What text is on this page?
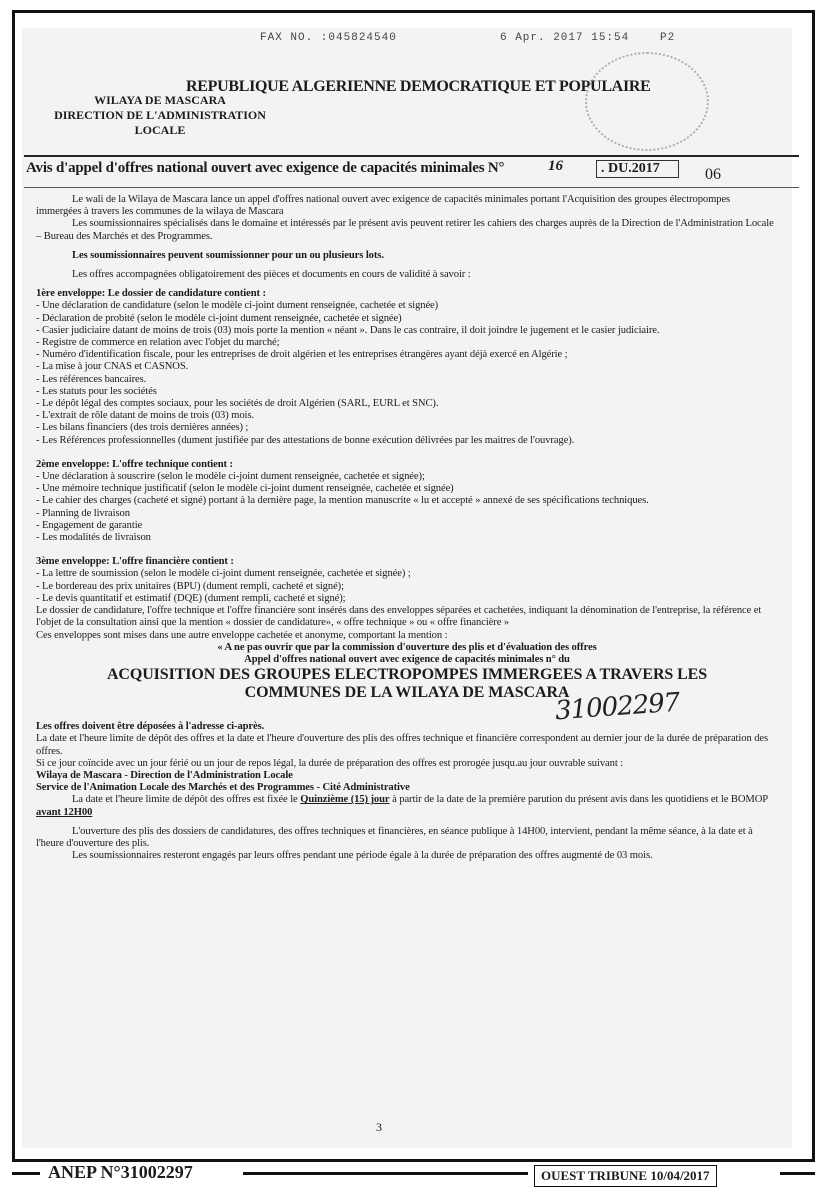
FAX NO. :045824540	6 Apr. 2017 15:54	P2
REPUBLIQUE ALGERIENNE DEMOCRATIQUE ET POPULAIRE
WILAYA DE MASCARA
DIRECTION DE L'ADMINISTRATION
LOCALE
Avis d'appel d'offres national ouvert avec exigence de capacités minimales N°	16	. DU.2017	06

Le wali de la Wilaya de Mascara lance un appel d'offres national ouvert avec exigence de capacités minimales portant l'Acquisition des groupes électropompes immergées à travers les communes de la wilaya de Mascara

Les soumissionnaires spécialisés dans le domaine et intéressés par le présent avis peuvent retirer les cahiers des charges auprès de la Direction de l'Administration Locale – Bureau des Marchés et des Programmes.

Les soumissionnaires peuvent soumissionner pour un ou plusieurs lots.

Les offres accompagnées obligatoirement des pièces et documents en cours de validité à savoir :

1ère enveloppe: Le dossier de candidature contient :

- Une déclaration de candidature (selon le modèle ci-joint dument renseignée, cachetée et signée)

- Déclaration de probité (selon le modèle ci-joint dument renseignée, cachetée et signée)

- Casier judiciaire datant de moins de trois (03) mois porte la mention « néant ». Dans le cas contraire, il doit joindre le jugement et le casier judiciaire.

- Registre de commerce en relation avec l'objet du marché;

- Numéro d'identification fiscale, pour les entreprises de droit algérien et les entreprises étrangères ayant déjà exercé en Algérie ;

- La mise à jour CNAS et CASNOS.

- Les références bancaires.

- Les statuts pour les sociétés

- Le dépôt légal des comptes sociaux, pour les sociétés de droit Algérien (SARL, EURL et SNC).

- L'extrait de rôle datant de moins de trois (03) mois.

- Les bilans financiers (des trois dernières années) ;

- Les Références professionnelles (dument justifiée par des attestations de bonne exécution délivrées par les maitres de l'ouvrage).

2ème enveloppe: L'offre technique contient :

- Une déclaration à souscrire (selon le modèle ci-joint dument renseignée, cachetée et signée);

- Une mémoire technique justificatif (selon le modèle ci-joint dument renseignée, cachetée et signée)

- Le cahier des charges (cacheté et signé) portant à la dernière page, la mention manuscrite « lu et accepté » annexé de ses spécifications techniques.

- Planning de livraison

- Engagement de garantie

- Les modalités de livraison

3ème enveloppe: L'offre financière contient :

- La lettre de soumission (selon le modèle ci-joint dument renseignée, cachetée et signée) ;

- Le bordereau des prix unitaires (BPU) (dument rempli, cacheté et signé);

- Le devis quantitatif et estimatif (DQE) (dument rempli, cacheté et signé);

Le dossier de candidature, l'offre technique et l'offre financière sont insérés dans des enveloppes séparées et cachetées, indiquant la dénomination de l'entreprise, la référence et l'objet de la consultation ainsi que la mention « dossier de candidature», « offre technique » ou « offre financière »

Ces enveloppes sont mises dans une autre enveloppe cachetée et anonyme, comportant la mention :

« A ne pas ouvrir que par la commission d'ouverture des plis et d'évaluation des offres

Appel d'offres national ouvert avec exigence de capacités minimales n° du

ACQUISITION DES GROUPES ELECTROPOMPES IMMERGEES A TRAVERS LES

COMMUNES DE LA WILAYA DE MASCARA

Les offres doivent être déposées à l'adresse ci-après.

La date et l'heure limite de dépôt des offres et la date et l'heure d'ouverture des plis des offres technique et financière correspondent au dernier jour de la durée de préparation des offres.

Si ce jour coïncide avec un jour férié ou un jour de repos légal, la durée de préparation des offres est prorogée jusqu.au jour ouvrable suivant :

Wilaya de Mascara - Direction de l'Administration Locale

Service de l'Animation Locale des Marchés et des Programmes - Cité Administrative

La date et l'heure limite de dépôt des offres est fixée le Quinzième (15) jour à partir de la date de la première parution du présent avis dans les quotidiens et le BOMOP avant 12H00

L'ouverture des plis des dossiers de candidatures, des offres techniques et financières, en séance publique à 14H00, intervient, pendant la même séance, à la date et à l'heure d'ouverture des plis.

Les soumissionnaires resteront engagés par leurs offres pendant une période égale à la durée de préparation des offres augmenté de 03 mois.

31002297
3
ANEP N°31002297	OUEST TRIBUNE 10/04/2017
